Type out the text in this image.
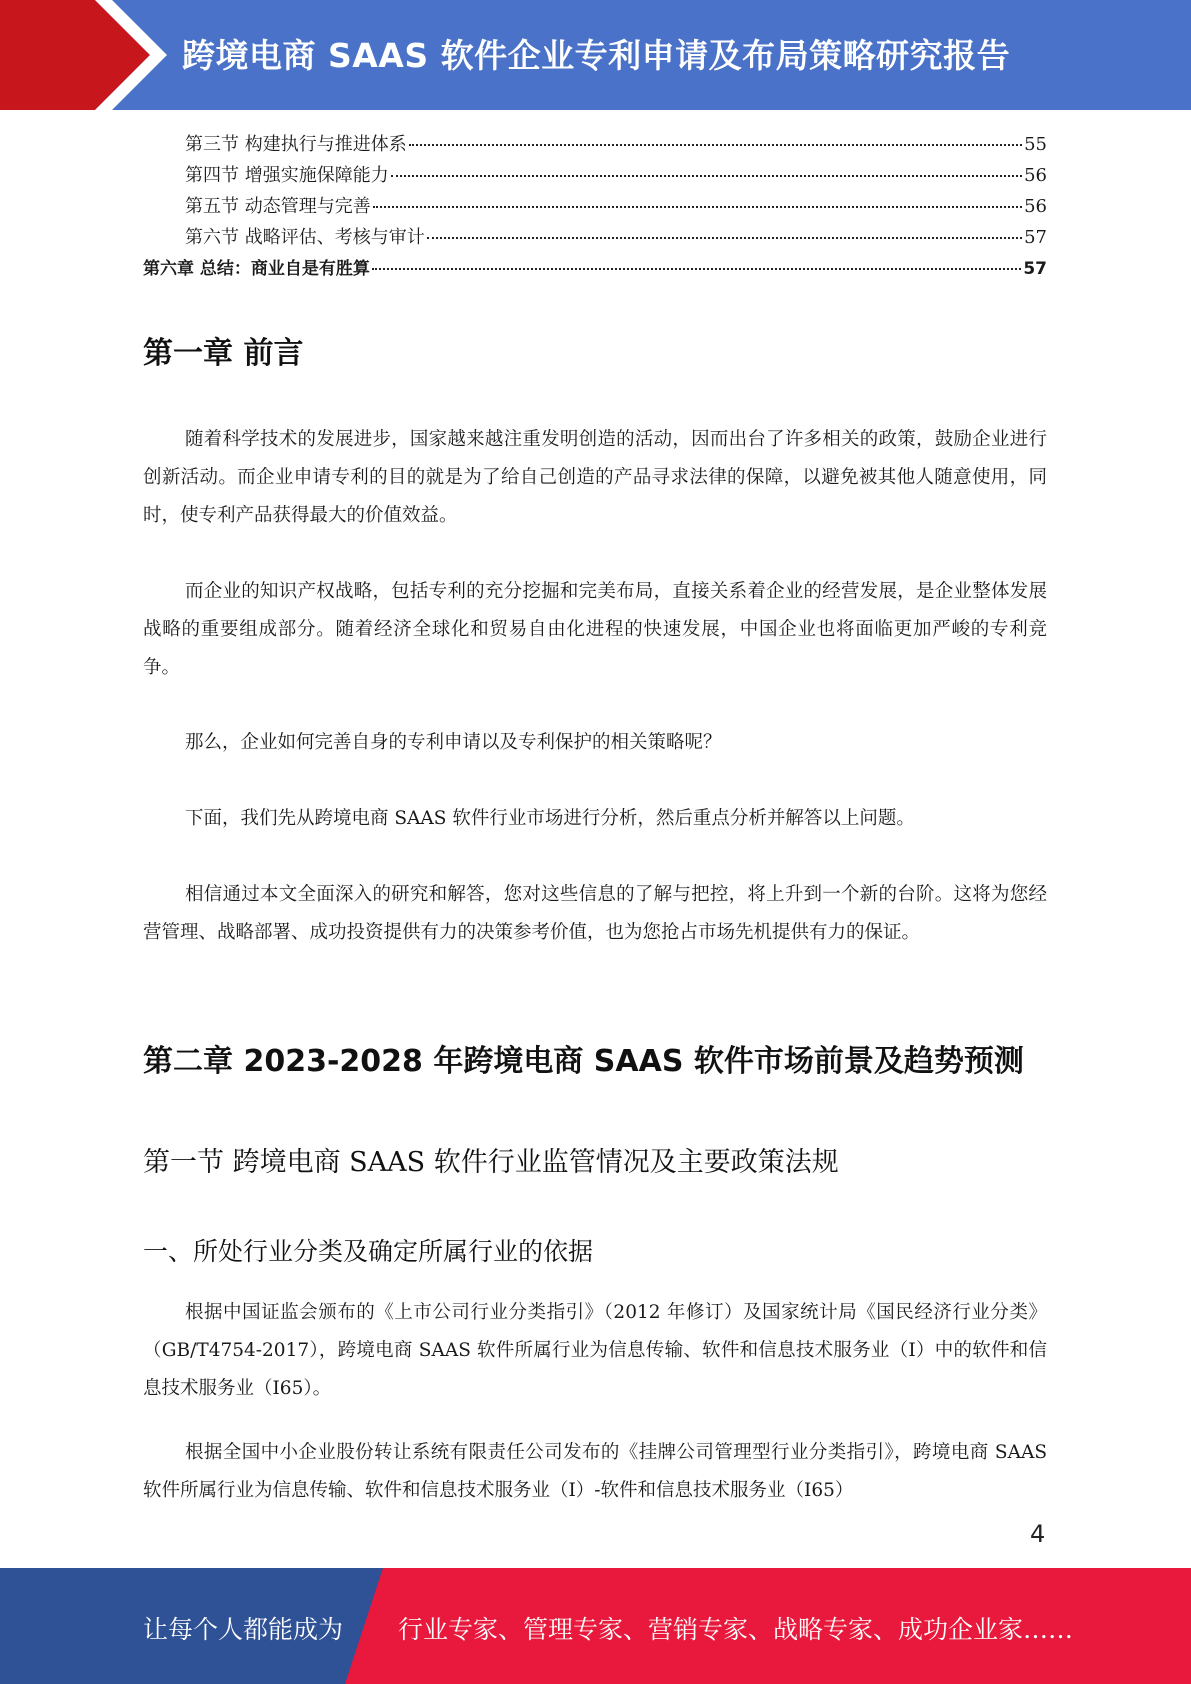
跨境电商 SAAS 软件企业专利申请及布局策略研究报告
第三节 构建执行与推进体系	55
第四节 增强实施保障能力	56
第五节 动态管理与完善	56
第六节 战略评估、考核与审计	57
第六章 总结：商业自是有胜算	57
第一章 前言
随着科学技术的发展进步，国家越来越注重发明创造的活动，因而出台了许多相关的政策，鼓励企业进行创新活动。而企业申请专利的目的就是为了给自己创造的产品寻求法律的保障，以避免被其他人随意使用，同时，使专利产品获得最大的价值效益。
而企业的知识产权战略，包括专利的充分挖掘和完美布局，直接关系着企业的经营发展，是企业整体发展战略的重要组成部分。随着经济全球化和贸易自由化进程的快速发展，中国企业也将面临更加严峻的专利竞争。
那么，企业如何完善自身的专利申请以及专利保护的相关策略呢？
下面，我们先从跨境电商 SAAS 软件行业市场进行分析，然后重点分析并解答以上问题。
相信通过本文全面深入的研究和解答，您对这些信息的了解与把控，将上升到一个新的台阶。这将为您经营管理、战略部署、成功投资提供有力的决策参考价值，也为您抢占市场先机提供有力的保证。
第二章 2023-2028 年跨境电商 SAAS 软件市场前景及趋势预测
第一节 跨境电商 SAAS 软件行业监管情况及主要政策法规
一、所处行业分类及确定所属行业的依据
根据中国证监会颁布的《上市公司行业分类指引》（2012 年修订）及国家统计局《国民经济行业分类》（GB/T4754-2017），跨境电商 SAAS 软件所属行业为信息传输、软件和信息技术服务业（I）中的软件和信息技术服务业（I65）。
根据全国中小企业股份转让系统有限责任公司发布的《挂牌公司管理型行业分类指引》，跨境电商 SAAS 软件所属行业为信息传输、软件和信息技术服务业（I）-软件和信息技术服务业（I65）
4
让每个人都能成为 行业专家、管理专家、营销专家、战略专家、成功企业家……
